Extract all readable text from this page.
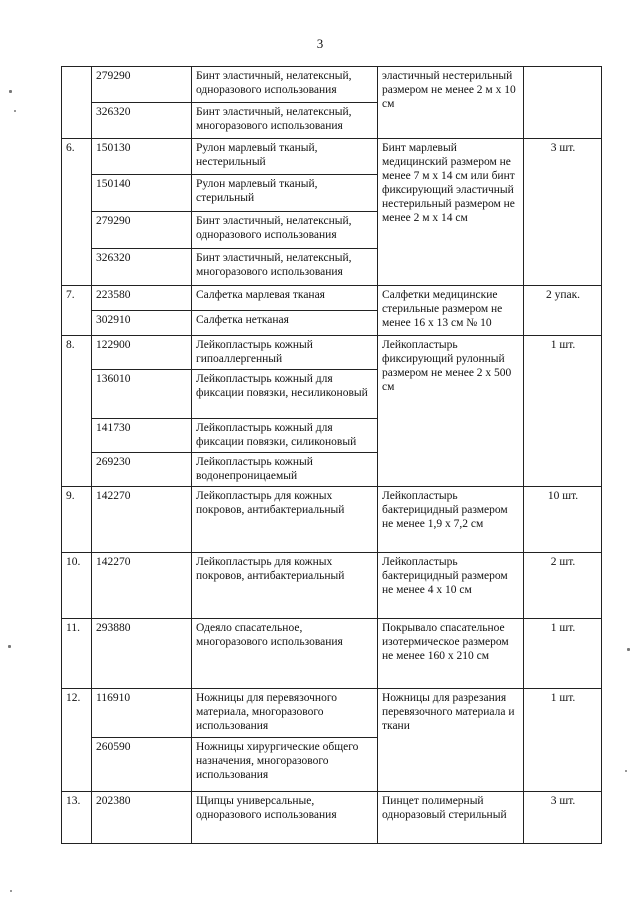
3
	279290	Бинт эластичный, нелатексный, одноразового использования	эластичный нестерильный размером не менее 2 м х 10 см	
	326320	Бинт эластичный, нелатексный, многоразового использования		
6.	150130	Рулон марлевый тканый, нестерильный	Бинт марлевый медицинский размером не менее 7 м х 14 см или бинт фиксирующий эластичный нестерильный размером не менее 2 м х 14 см	3 шт.
	150140	Рулон марлевый тканый, стерильный		
	279290	Бинт эластичный, нелатексный, одноразового использования		
	326320	Бинт эластичный, нелатексный, многоразового использования		
7.	223580	Салфетка марлевая тканая	Салфетки медицинские стерильные размером не менее 16 х 13 см № 10	2 упак.
	302910	Салфетка нетканая		
8.	122900	Лейкопластырь кожный гипоаллергенный	Лейкопластырь фиксирующий рулонный размером не менее 2 х 500 см	1 шт.
	136010	Лейкопластырь кожный для фиксации повязки, несиликоновый		
	141730	Лейкопластырь кожный для фиксации повязки, силиконовый		
	269230	Лейкопластырь кожный водонепроницаемый		
9.	142270	Лейкопластырь для кожных покровов, антибактериальный	Лейкопластырь бактерицидный размером не менее 1,9 х 7,2 см	10 шт.
10.	142270	Лейкопластырь для кожных покровов, антибактериальный	Лейкопластырь бактерицидный размером не менее 4 х 10 см	2 шт.
11.	293880	Одеяло спасательное, многоразового использования	Покрывало спасательное изотермическое размером не менее 160 х 210 см	1 шт.
12.	116910	Ножницы для перевязочного материала, многоразового использования	Ножницы для разрезания перевязочного материала и ткани	1 шт.
	260590	Ножницы хирургические общего назначения, многоразового использования		
13.	202380	Щипцы универсальные, одноразового использования	Пинцет полимерный одноразовый стерильный	3 шт.
